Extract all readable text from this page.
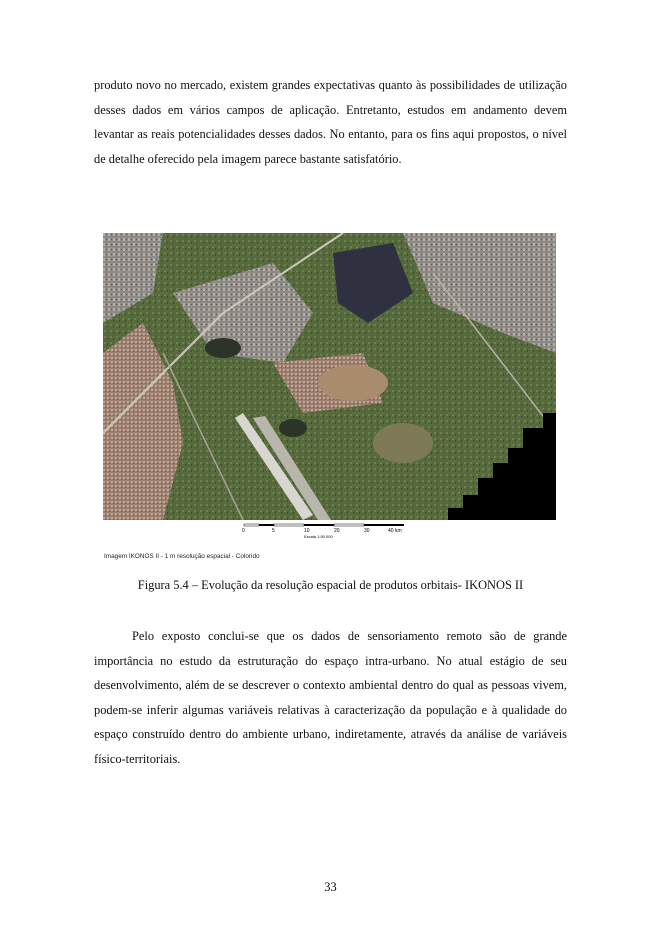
produto novo no mercado, existem grandes expectativas quanto às possibilidades de utilização desses dados em vários campos de aplicação. Entretanto, estudos em andamento devem levantar as reais potencialidades desses dados. No entanto, para os fins aqui propostos, o nível de detalhe oferecido pela imagem parece bastante satisfatório.

0	5	10	20	30	40 km
Escala 1:50.000
Imagem IKONOS II - 1 m resolução espacial - Colorido
Figura 5.4 – Evolução da resolução espacial de produtos orbitais- IKONOS II

Pelo exposto conclui-se que os dados de sensoriamento remoto são de grande importância no estudo da estruturação do espaço intra-urbano. No atual estágio de seu desenvolvimento, além de se descrever o contexto ambiental dentro do qual as pessoas vivem, podem-se inferir algumas variáveis relativas à caracterização da população e à qualidade do espaço construído dentro do ambiente urbano, indiretamente, através da análise de variáveis físico-territoriais.

33
